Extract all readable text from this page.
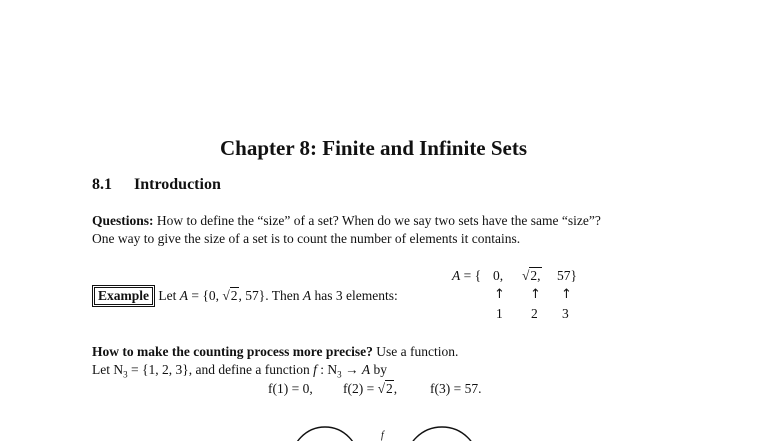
Chapter 8: Finite and Infinite Sets
8.1 Introduction
Questions: How to define the “size” of a set? When do we say two sets have the same “size”?
One way to give the size of a set is to count the number of elements it contains.
A = { 0, √2, 57}
↑ ↑ ↑
1 2 3
Example Let A = {0, √2, 57}. Then A has 3 elements:
How to make the counting process more precise? Use a function.
Let $N_3 = \{1$, 2, 3}, and define a function f : $N_3 \to A$ by
f(1) = 0, f(2) = √2, f(3) = 57.
f
